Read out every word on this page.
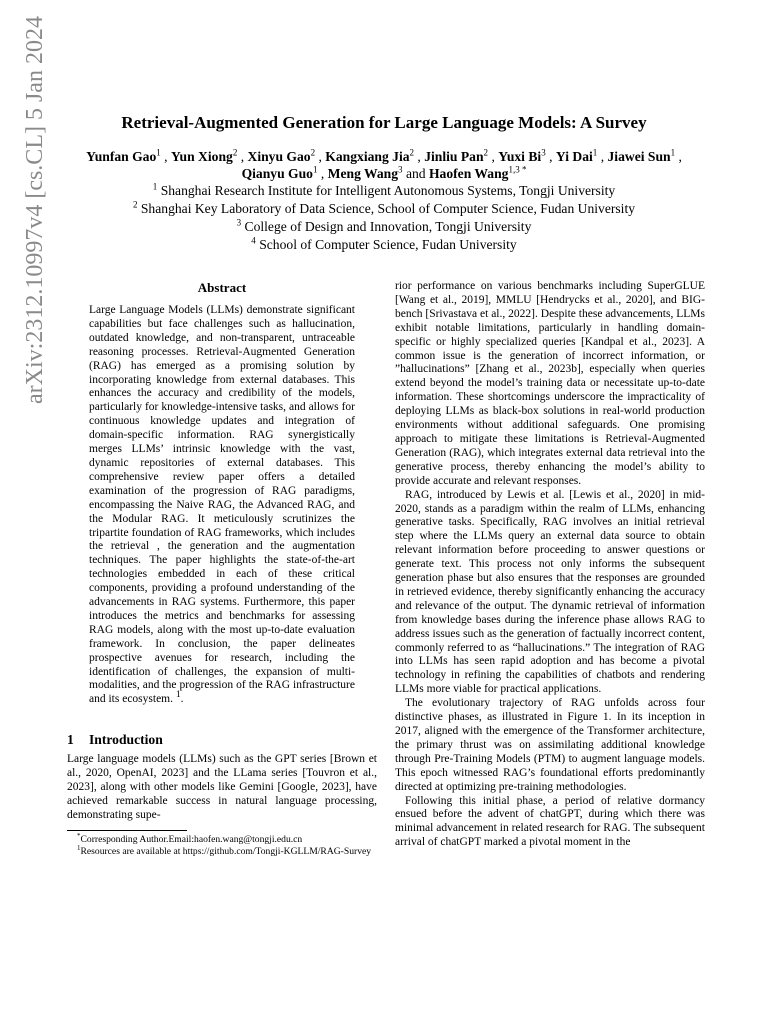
arXiv:2312.10997v4 [cs.CL] 5 Jan 2024	Retrieval-Augmented Generation for Large Language Models: A Survey
Yunfan Gao$^1$ , Yun Xiong$^2$ , Xinyu Gao$^2$ , Kangxiang Jia$^2$ , Jinliu Pan$^2$ , Yuxi Bi$^3$ , Yi Dai$^1$ , Jiawei Sun$^1$ , Qianyu Guo$^1$ , Meng Wang$^3$ and Haofen Wang$^{1,3 *}$
$^1$ Shanghai Research Institute for Intelligent Autonomous Systems, Tongji University
$^2$ Shanghai Key Laboratory of Data Science, School of Computer Science, Fudan University
$^3$ College of Design and Innovation, Tongji University
$^4$ School of Computer Science, Fudan University
Abstract

Large Language Models (LLMs) demonstrate significant capabilities but face challenges such as hallucination, outdated knowledge, and non-transparent, untraceable reasoning processes. Retrieval-Augmented Generation (RAG) has emerged as a promising solution by incorporating knowledge from external databases. This enhances the accuracy and credibility of the models, particularly for knowledge-intensive tasks, and allows for continuous knowledge updates and integration of domain-specific information. RAG synergistically merges LLMs’ intrinsic knowledge with the vast, dynamic repositories of external databases. This comprehensive review paper offers a detailed examination of the progression of RAG paradigms, encompassing the Naive RAG, the Advanced RAG, and the Modular RAG. It meticulously scrutinizes the tripartite foundation of RAG frameworks, which includes the retrieval , the generation and the augmentation techniques. The paper highlights the state-of-the-art technologies embedded in each of these critical components, providing a profound understanding of the advancements in RAG systems. Furthermore, this paper introduces the metrics and benchmarks for assessing RAG models, along with the most up-to-date evaluation framework. In conclusion, the paper delineates prospective avenues for research, including the identification of challenges, the expansion of multi-modalities, and the progression of the RAG infrastructure and its ecosystem. $^1$.

1 Introduction

Large language models (LLMs) such as the GPT series [Brown et al., 2020, OpenAI, 2023] and the LLama series [Touvron et al., 2023], along with other models like Gemini [Google, 2023], have achieved remarkable success in natural language processing, demonstrating supe-

*Corresponding Author.Email:haofen.wang@tongji.edu.cn
$^1$Resources are available at https://github.com/Tongji-KGLLM/RAG-Survey

rior performance on various benchmarks including SuperGLUE [Wang et al., 2019], MMLU [Hendrycks et al., 2020], and BIG-bench [Srivastava et al., 2022]. Despite these advancements, LLMs exhibit notable limitations, particularly in handling domain-specific or highly specialized queries [Kandpal et al., 2023]. A common issue is the generation of incorrect information, or ”hallucinations” [Zhang et al., 2023b], especially when queries extend beyond the model’s training data or necessitate up-to-date information. These shortcomings underscore the impracticality of deploying LLMs as black-box solutions in real-world production environments without additional safeguards. One promising approach to mitigate these limitations is Retrieval-Augmented Generation (RAG), which integrates external data retrieval into the generative process, thereby enhancing the model’s ability to provide accurate and relevant responses.

RAG, introduced by Lewis et al. [Lewis et al., 2020] in mid-2020, stands as a paradigm within the realm of LLMs, enhancing generative tasks. Specifically, RAG involves an initial retrieval step where the LLMs query an external data source to obtain relevant information before proceeding to answer questions or generate text. This process not only informs the subsequent generation phase but also ensures that the responses are grounded in retrieved evidence, thereby significantly enhancing the accuracy and relevance of the output. The dynamic retrieval of information from knowledge bases during the inference phase allows RAG to address issues such as the generation of factually incorrect content, commonly referred to as “hallucinations.” The integration of RAG into LLMs has seen rapid adoption and has become a pivotal technology in refining the capabilities of chatbots and rendering LLMs more viable for practical applications.

The evolutionary trajectory of RAG unfolds across four distinctive phases, as illustrated in Figure 1. In its inception in 2017, aligned with the emergence of the Transformer architecture, the primary thrust was on assimilating additional knowledge through Pre-Training Models (PTM) to augment language models. This epoch witnessed RAG’s foundational efforts predominantly directed at optimizing pre-training methodologies.

Following this initial phase, a period of relative dormancy ensued before the advent of chatGPT, during which there was minimal advancement in related research for RAG. The subsequent arrival of chatGPT marked a pivotal moment in the
